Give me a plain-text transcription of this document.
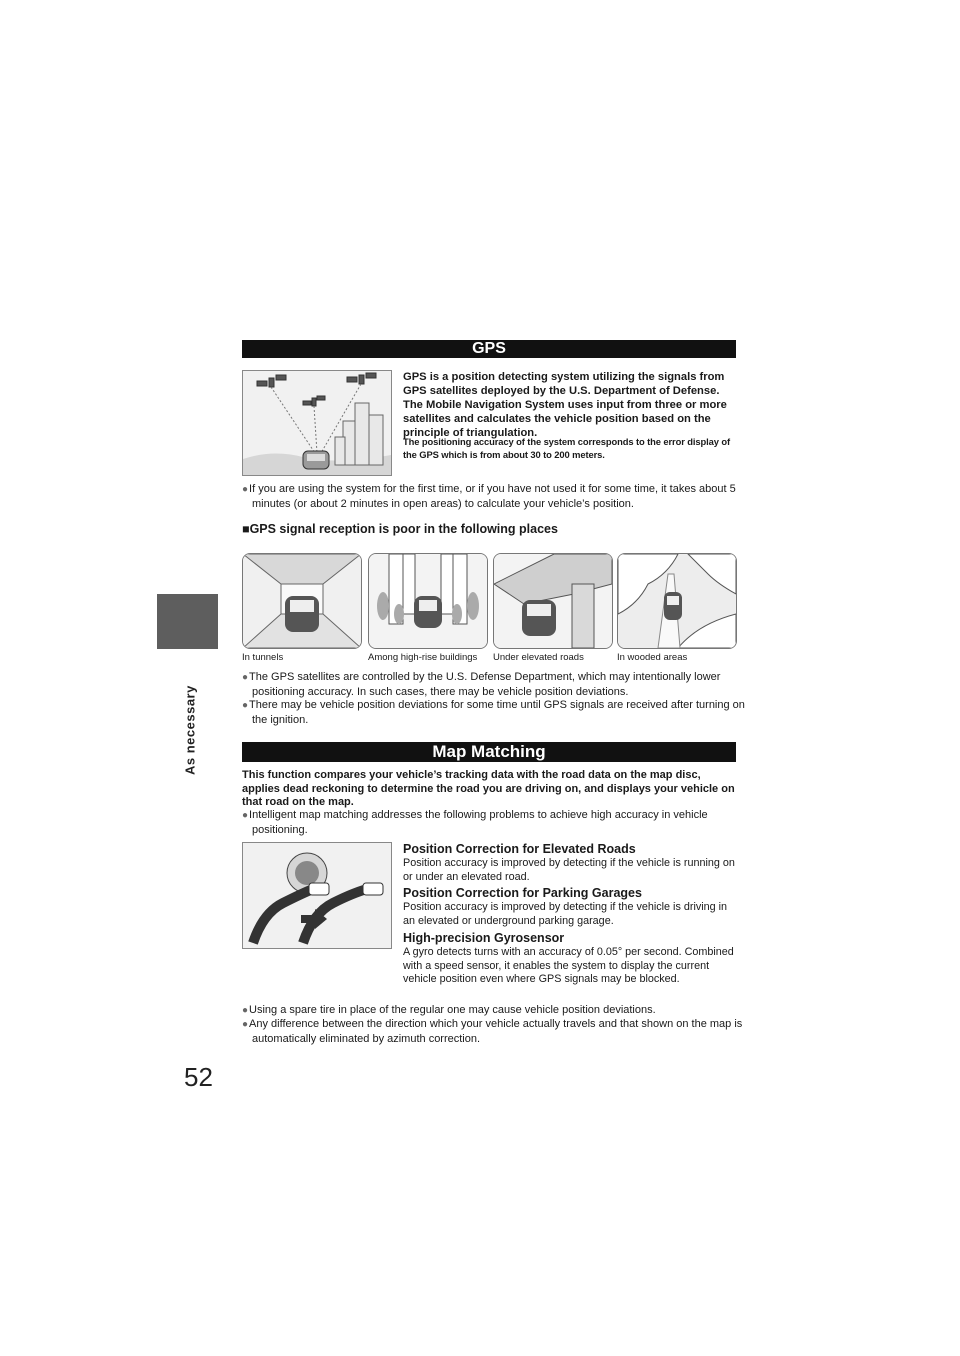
As necessary
52
GPS
GPS is a position detecting system utilizing the signals from GPS satellites deployed by the U.S. Department of Defense. The Mobile Navigation System uses input from three or more satellites and calculates the vehicle position based on the principle of triangulation.
The positioning accuracy of the system corresponds to the error display of the GPS which is from about 30 to 200 meters.
●If you are using the system for the first time, or if you have not used it for some time, it takes about 5 minutes (or about 2 minutes in open areas) to calculate your vehicle’s position.
■GPS signal reception is poor in the following places
In tunnels	Among high-rise buildings Under elevated roads	In wooded areas
●The GPS satellites are controlled by the U.S. Defense Department, which may intentionally lower positioning accuracy. In such cases, there may be vehicle position deviations.
●There may be vehicle position deviations for some time until GPS signals are received after turning on the ignition.
Map Matching
This function compares your vehicle’s tracking data with the road data on the map disc, applies dead reckoning to determine the road you are driving on, and displays your vehicle on that road on the map.
●Intelligent map matching addresses the following problems to achieve high accuracy in vehicle positioning.
Position Correction for Elevated Roads

Position accuracy is improved by detecting if the vehicle is running on or under an elevated road.

Position Correction for Parking Garages

Position accuracy is improved by detecting if the vehicle is driving in an elevated or underground parking garage.

High-precision Gyrosensor

A gyro detects turns with an accuracy of 0.05° per second. Combined with a speed sensor, it enables the system to display the current vehicle position even where GPS signals may be blocked.

●Using a spare tire in place of the regular one may cause vehicle position deviations.
●Any difference between the direction which your vehicle actually travels and that shown on the map is automatically eliminated by azimuth correction.
